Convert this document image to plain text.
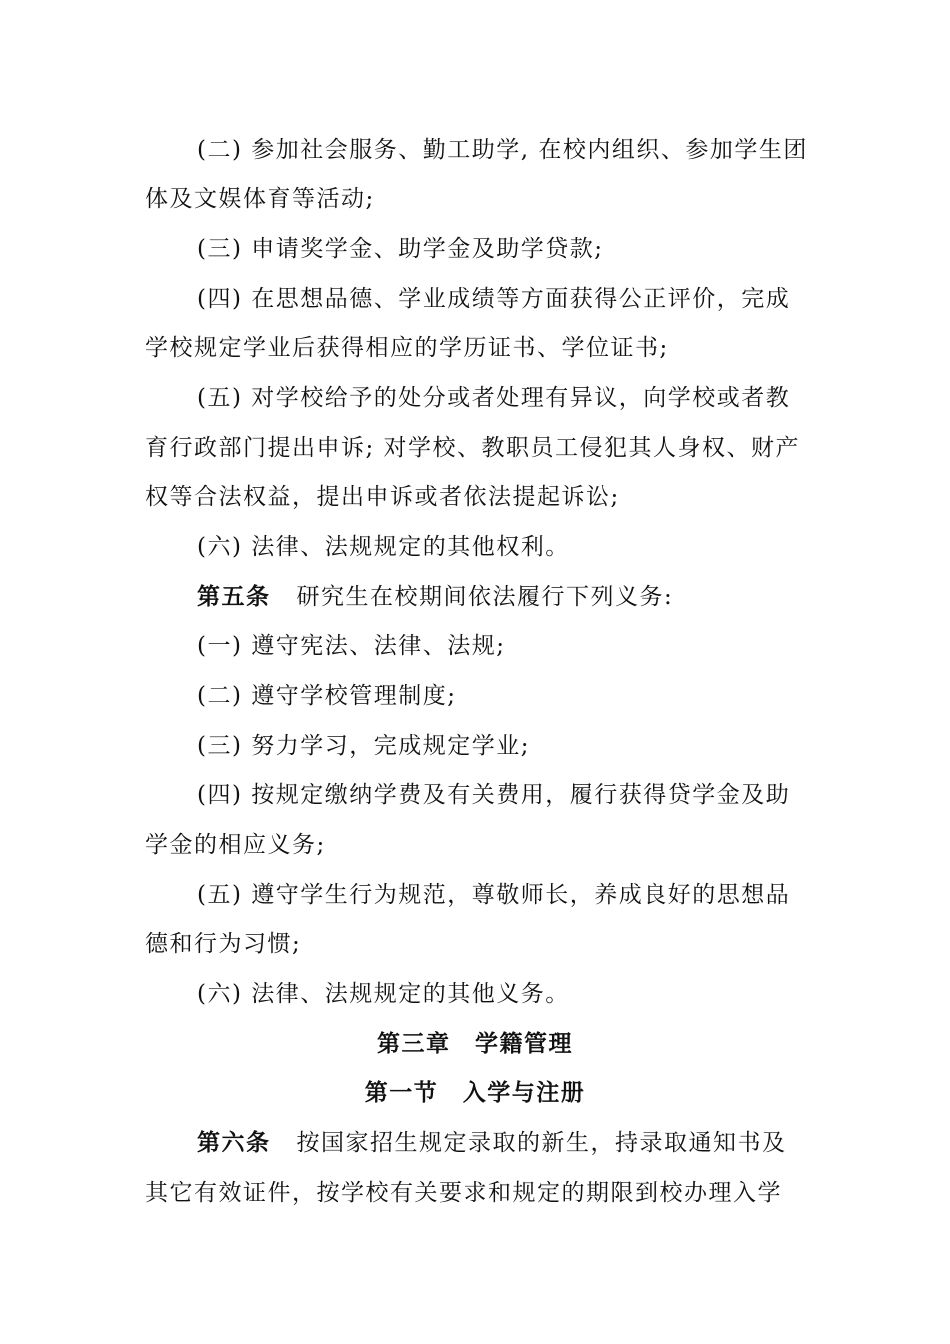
(二) 参加社会服务、勤工助学, 在校内组织、参加学生团
体及文娱体育等活动;
(三) 申请奖学金、助学金及助学贷款;
(四) 在思想品德、学业成绩等方面获得公正评价，完成
学校规定学业后获得相应的学历证书、学位证书;
(五) 对学校给予的处分或者处理有异议，向学校或者教
育行政部门提出申诉; 对学校、教职员工侵犯其人身权、财产
权等合法权益，提出申诉或者依法提起诉讼;
(六) 法律、法规规定的其他权利。
第五条 研究生在校期间依法履行下列义务:
(一) 遵守宪法、法律、法规;
(二) 遵守学校管理制度;
(三) 努力学习，完成规定学业;
(四) 按规定缴纳学费及有关费用，履行获得贷学金及助
学金的相应义务;
(五) 遵守学生行为规范，尊敬师长，养成良好的思想品
德和行为习惯;
(六) 法律、法规规定的其他义务。
第三章　学籍管理
第一节　入学与注册
第六条 按国家招生规定录取的新生，持录取通知书及
其它有效证件，按学校有关要求和规定的期限到校办理入学
